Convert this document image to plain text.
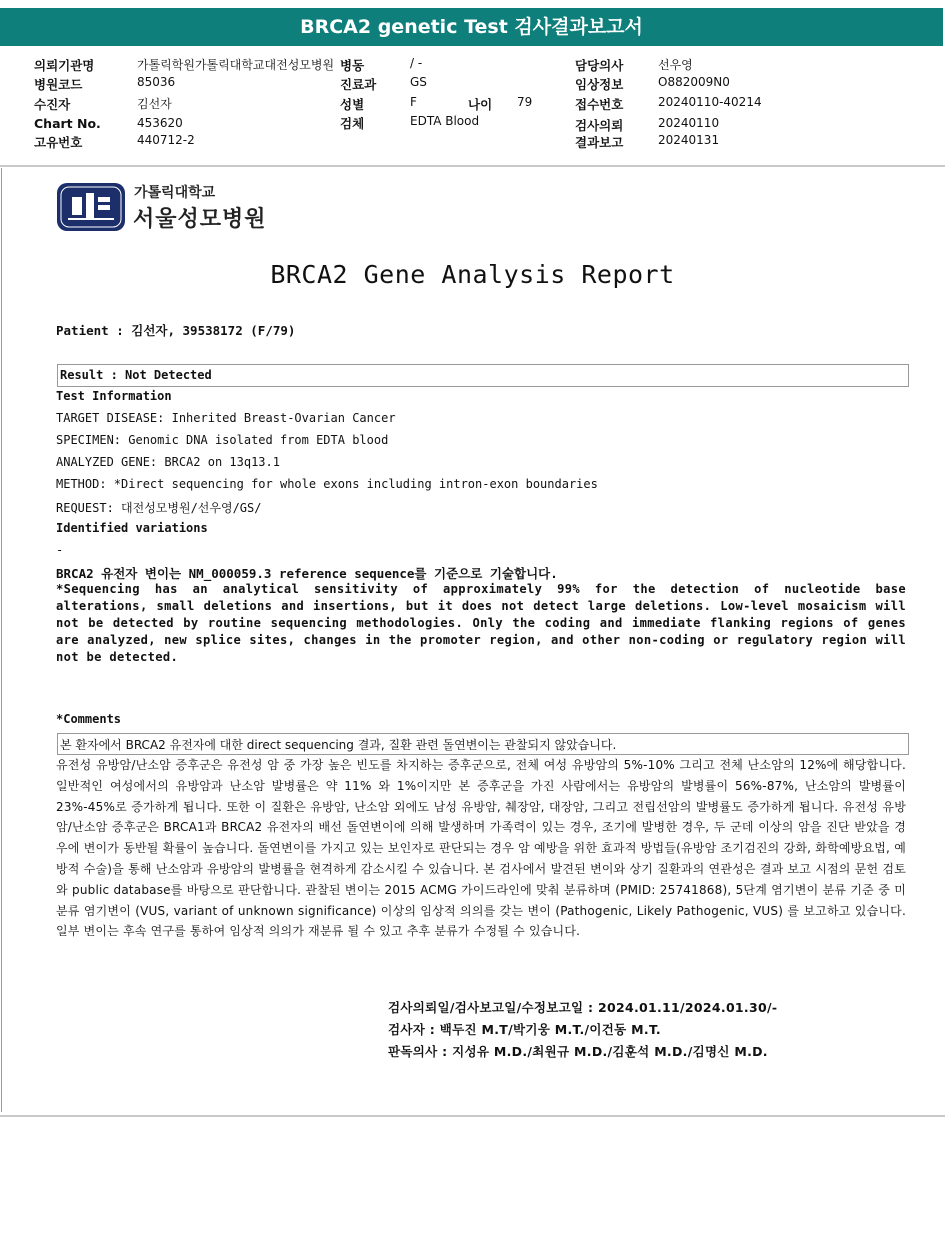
BRCA2 genetic Test 검사결과보고서
의뢰기관명	가톨릭학원가톨릭대학교대전성모병원
병원코드	85036
수진자	김선자
Chart No.	453620
고유번호	440712-2
병동	/ -
진료과	GS
성별	F	나이 79
검체	EDTA Blood
담당의사	선우영
임상정보	O882009N0
접수번호	20240110-40214
검사의뢰	20240110
결과보고	20240131
가톨릭대학교
서울성모병원
BRCA2 Gene Analysis Report
Patient : 김선자, 39538172 (F/79)
Result : Not Detected
Test Information
TARGET DISEASE: Inherited Breast-Ovarian Cancer
SPECIMEN: Genomic DNA isolated from EDTA blood
ANALYZED GENE: BRCA2 on 13q13.1
METHOD: *Direct sequencing for whole exons including intron-exon boundaries
REQUEST: 대전성모병원/선우영/GS/
Identified variations
-
BRCA2 유전자 변이는 NM_000059.3 reference sequence를 기준으로 기술합니다.
*Sequencing has an analytical sensitivity of approximately 99% for the detection of nucleotide base alterations, small deletions and insertions, but it does not detect large deletions. Low-level mosaicism will not be detected by routine sequencing methodologies. Only the coding and immediate flanking regions of genes are analyzed, new splice sites, changes in the promoter region, and other non-coding or regulatory region will not be detected.
*Comments
본 환자에서 BRCA2 유전자에 대한 direct sequencing 결과, 질환 관련 돌연변이는 관찰되지 않았습니다.
유전성 유방암/난소암 증후군은 유전성 암 중 가장 높은 빈도를 차지하는 증후군으로, 전체 여성 유방암의 5%-10% 그리고 전체 난소암의 12%에 해당합니다. 일반적인 여성에서의 유방암과 난소암 발병률은 약 11% 와 1%이지만 본 증후군을 가진 사람에서는 유방암의 발병률이 56%-87%, 난소암의 발병률이 23%-45%로 증가하게 됩니다. 또한 이 질환은 유방암, 난소암 외에도 남성 유방암, 췌장암, 대장암, 그리고 전립선암의 발병률도 증가하게 됩니다. 유전성 유방암/난소암 증후군은 BRCA1과 BRCA2 유전자의 배선 돌연변이에 의해 발생하며 가족력이 있는 경우, 조기에 발병한 경우, 두 군데 이상의 암을 진단 받았을 경우에 변이가 동반될 확률이 높습니다. 돌연변이를 가지고 있는 보인자로 판단되는 경우 암 예방을 위한 효과적 방법들(유방암 조기검진의 강화, 화학예방요법, 예방적 수술)을 통해 난소암과 유방암의 발병률을 현격하게 감소시킬 수 있습니다. 본 검사에서 발견된 변이와 상기 질환과의 연관성은 결과 보고 시점의 문헌 검토와 public database를 바탕으로 판단합니다. 관찰된 변이는 2015 ACMG 가이드라인에 맞춰 분류하며 (PMID: 25741868), 5단계 염기변이 분류 기준 중 미분류 염기변이 (VUS, variant of unknown significance) 이상의 임상적 의의를 갖는 변이 (Pathogenic, Likely Pathogenic, VUS) 를 보고하고 있습니다. 일부 변이는 후속 연구를 통하여 임상적 의의가 재분류 될 수 있고 추후 분류가 수정될 수 있습니다.
검사의뢰일/검사보고일/수정보고일 : 2024.01.11/2024.01.30/-
검사자 : 백두진 M.T/박기웅 M.T./이건동 M.T.
판독의사 : 지성유 M.D./최원규 M.D./김훈석 M.D./김명신 M.D.
